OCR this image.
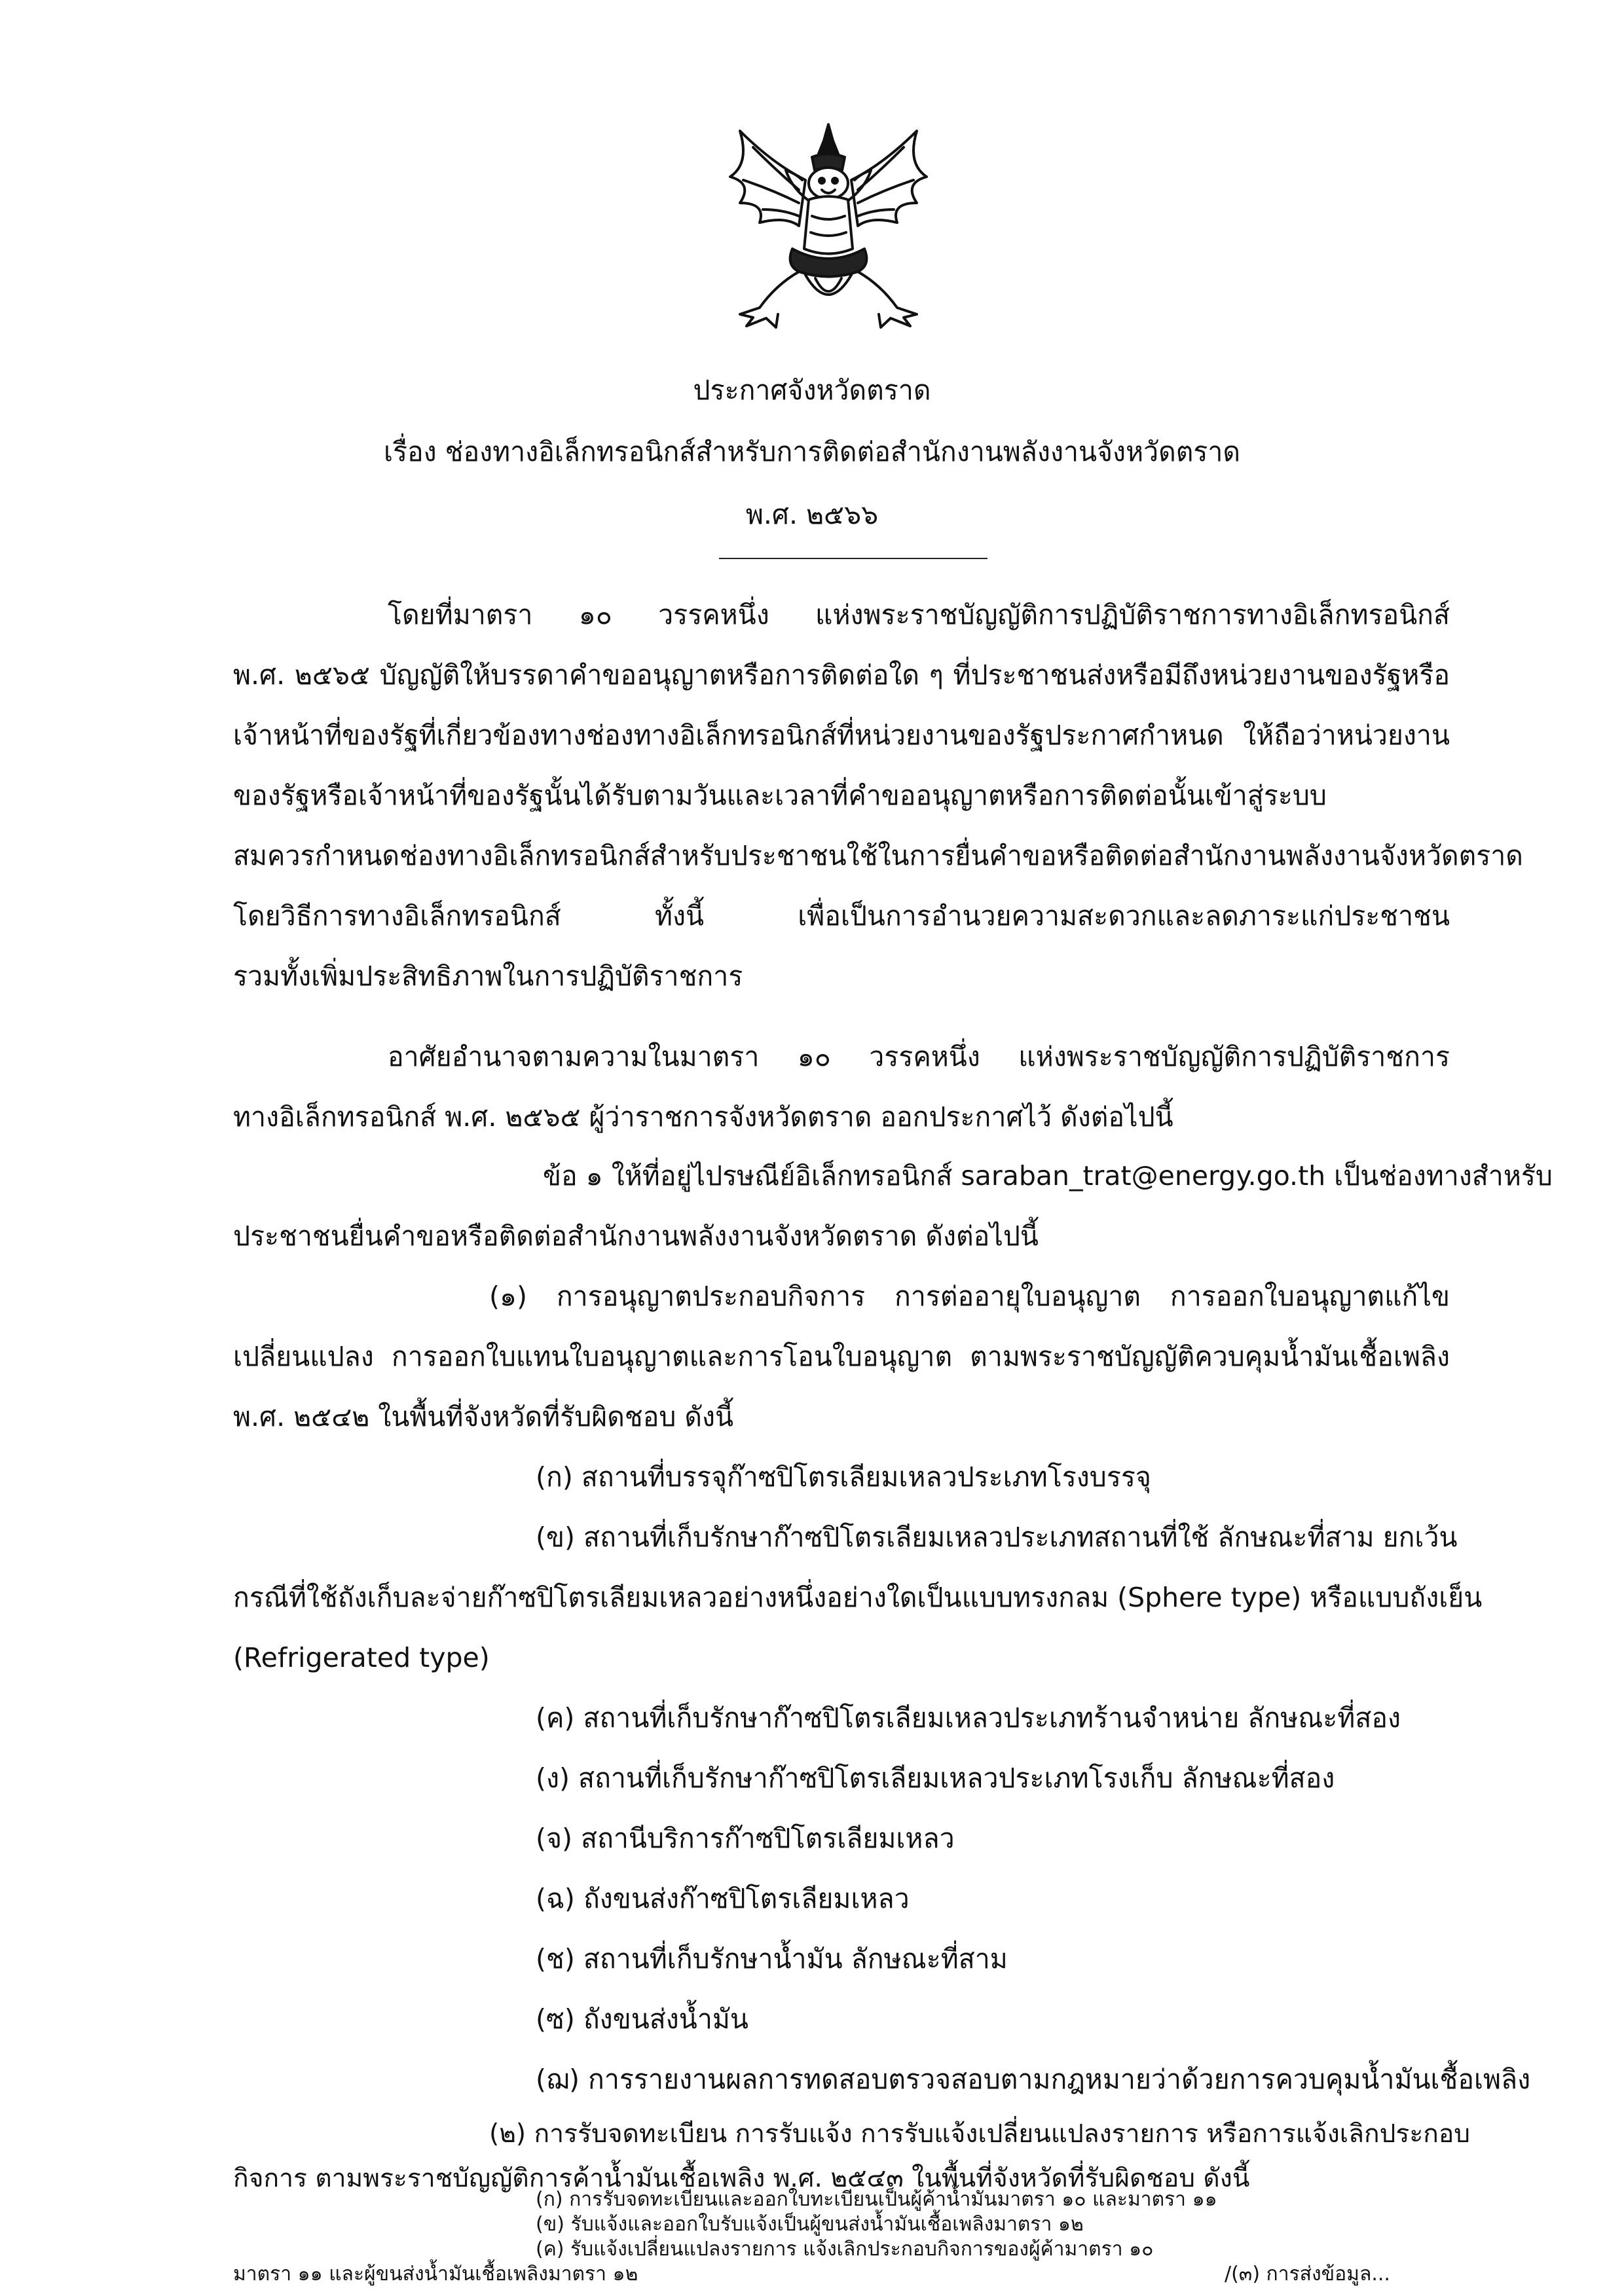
ประกาศจังหวัดตราด
เรื่อง ช่องทางอิเล็กทรอนิกส์สำหรับการติดต่อสำนักงานพลังงานจังหวัดตราด
พ.ศ. ๒๕๖๖
โดยที่มาตรา ๑๐ วรรคหนึ่ง แห่งพระราชบัญญัติการปฏิบัติราชการทางอิเล็กทรอนิกส์
พ.ศ. ๒๕๖๕ บัญญัติให้บรรดาคำขออนุญาตหรือการติดต่อใด ๆ ที่ประชาชนส่งหรือมีถึงหน่วยงานของรัฐหรือ
เจ้าหน้าที่ของรัฐที่เกี่ยวข้องทางช่องทางอิเล็กทรอนิกส์ที่หน่วยงานของรัฐประกาศกำหนด ให้ถือว่าหน่วยงาน
ของรัฐหรือเจ้าหน้าที่ของรัฐนั้นได้รับตามวันและเวลาที่คำขออนุญาตหรือการติดต่อนั้นเข้าสู่ระบบ
สมควรกำหนดช่องทางอิเล็กทรอนิกส์สำหรับประชาชนใช้ในการยื่นคำขอหรือติดต่อสำนักงานพลังงานจังหวัดตราด
โดยวิธีการทางอิเล็กทรอนิกส์ ทั้งนี้ เพื่อเป็นการอำนวยความสะดวกและลดภาระแก่ประชาชน
รวมทั้งเพิ่มประสิทธิภาพในการปฏิบัติราชการ
อาศัยอำนาจตามความในมาตรา ๑๐ วรรคหนึ่ง แห่งพระราชบัญญัติการปฏิบัติราชการ
ทางอิเล็กทรอนิกส์ พ.ศ. ๒๕๖๕ ผู้ว่าราชการจังหวัดตราด ออกประกาศไว้ ดังต่อไปนี้
ข้อ ๑ ให้ที่อยู่ไปรษณีย์อิเล็กทรอนิกส์ saraban_trat@energy.go.th เป็นช่องทางสำหรับ
ประชาชนยื่นคำขอหรือติดต่อสำนักงานพลังงานจังหวัดตราด ดังต่อไปนี้
(๑) การอนุญาตประกอบกิจการ การต่ออายุใบอนุญาต การออกใบอนุญาตแก้ไข
เปลี่ยนแปลง การออกใบแทนใบอนุญาตและการโอนใบอนุญาต ตามพระราชบัญญัติควบคุมน้ำมันเชื้อเพลิง
พ.ศ. ๒๕๔๒ ในพื้นที่จังหวัดที่รับผิดชอบ ดังนี้
(ก) สถานที่บรรจุก๊าซปิโตรเลียมเหลวประเภทโรงบรรจุ
(ข) สถานที่เก็บรักษาก๊าซปิโตรเลียมเหลวประเภทสถานที่ใช้ ลักษณะที่สาม ยกเว้น
กรณีที่ใช้ถังเก็บละจ่ายก๊าซปิโตรเลียมเหลวอย่างหนึ่งอย่างใดเป็นแบบทรงกลม (Sphere type) หรือแบบถังเย็น
(Refrigerated type)
(ค) สถานที่เก็บรักษาก๊าซปิโตรเลียมเหลวประเภทร้านจำหน่าย ลักษณะที่สอง
(ง) สถานที่เก็บรักษาก๊าซปิโตรเลียมเหลวประเภทโรงเก็บ ลักษณะที่สอง
(จ) สถานีบริการก๊าซปิโตรเลียมเหลว
(ฉ) ถังขนส่งก๊าซปิโตรเลียมเหลว
(ช) สถานที่เก็บรักษาน้ำมัน ลักษณะที่สาม
(ซ) ถังขนส่งน้ำมัน
(ฌ) การรายงานผลการทดสอบตรวจสอบตามกฎหมายว่าด้วยการควบคุมน้ำมันเชื้อเพลิง
(๒) การรับจดทะเบียน การรับแจ้ง การรับแจ้งเปลี่ยนแปลงรายการ หรือการแจ้งเลิกประกอบ
กิจการ ตามพระราชบัญญัติการค้าน้ำมันเชื้อเพลิง พ.ศ. ๒๕๔๓ ในพื้นที่จังหวัดที่รับผิดชอบ ดังนี้
(ก) การรับจดทะเบียนและออกใบทะเบียนเป็นผู้ค้าน้ำมันมาตรา ๑๐ และมาตรา ๑๑
(ข) รับแจ้งและออกใบรับแจ้งเป็นผู้ขนส่งน้ำมันเชื้อเพลิงมาตรา ๑๒
(ค) รับแจ้งเปลี่ยนแปลงรายการ แจ้งเลิกประกอบกิจการของผู้ค้ามาตรา ๑๐
มาตรา ๑๑ และผู้ขนส่งน้ำมันเชื้อเพลิงมาตรา ๑๒	/(๓) การส่งข้อมูล...
